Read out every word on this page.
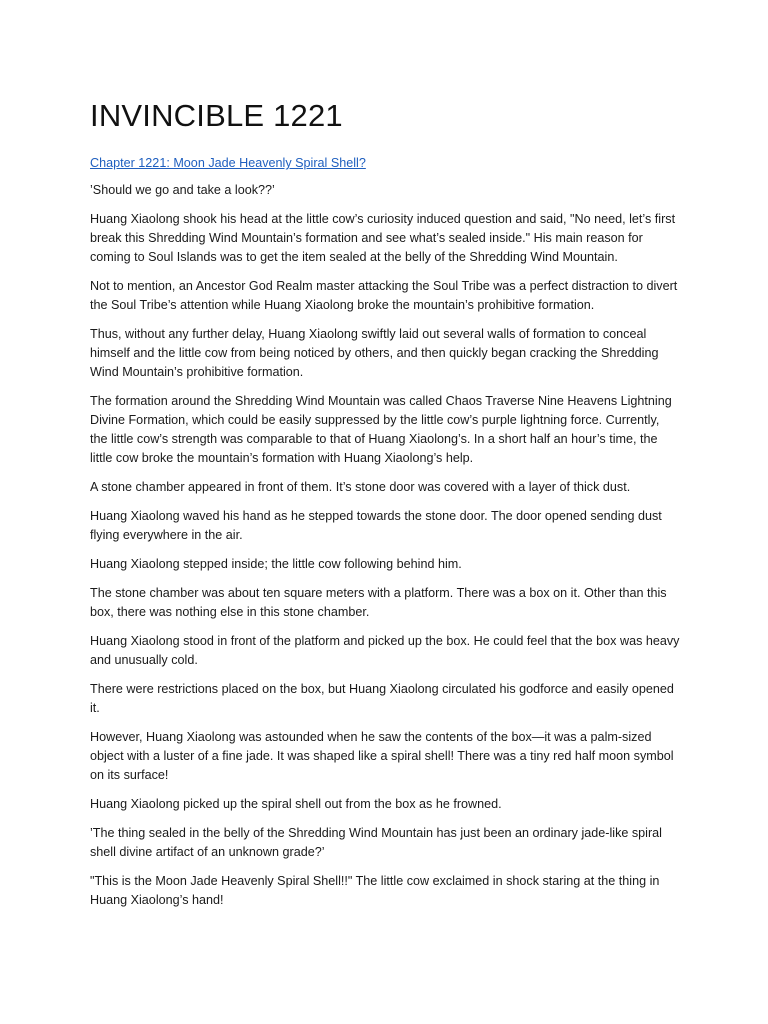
INVINCIBLE 1221
Chapter 1221: Moon Jade Heavenly Spiral Shell?

’Should we go and take a look??’

Huang Xiaolong shook his head at the little cow’s curiosity induced question and said, "No need, let’s first break this Shredding Wind Mountain’s formation and see what’s sealed inside." His main reason for coming to Soul Islands was to get the item sealed at the belly of the Shredding Wind Mountain.

Not to mention, an Ancestor God Realm master attacking the Soul Tribe was a perfect distraction to divert the Soul Tribe’s attention while Huang Xiaolong broke the mountain’s prohibitive formation.

Thus, without any further delay, Huang Xiaolong swiftly laid out several walls of formation to conceal himself and the little cow from being noticed by others, and then quickly began cracking the Shredding Wind Mountain’s prohibitive formation.

The formation around the Shredding Wind Mountain was called Chaos Traverse Nine Heavens Lightning Divine Formation, which could be easily suppressed by the little cow’s purple lightning force. Currently, the little cow’s strength was comparable to that of Huang Xiaolong’s. In a short half an hour’s time, the little cow broke the mountain’s formation with Huang Xiaolong’s help.

A stone chamber appeared in front of them. It’s stone door was covered with a layer of thick dust.

Huang Xiaolong waved his hand as he stepped towards the stone door. The door opened sending dust flying everywhere in the air.

Huang Xiaolong stepped inside; the little cow following behind him.

The stone chamber was about ten square meters with a platform. There was a box on it. Other than this box, there was nothing else in this stone chamber.

Huang Xiaolong stood in front of the platform and picked up the box. He could feel that the box was heavy and unusually cold.

There were restrictions placed on the box, but Huang Xiaolong circulated his godforce and easily opened it.

However, Huang Xiaolong was astounded when he saw the contents of the box—it was a palm-sized object with a luster of a fine jade. It was shaped like a spiral shell! There was a tiny red half moon symbol on its surface!

Huang Xiaolong picked up the spiral shell out from the box as he frowned.

’The thing sealed in the belly of the Shredding Wind Mountain has just been an ordinary jade-like spiral shell divine artifact of an unknown grade?’

"This is the Moon Jade Heavenly Spiral Shell!!" The little cow exclaimed in shock staring at the thing in Huang Xiaolong’s hand!
